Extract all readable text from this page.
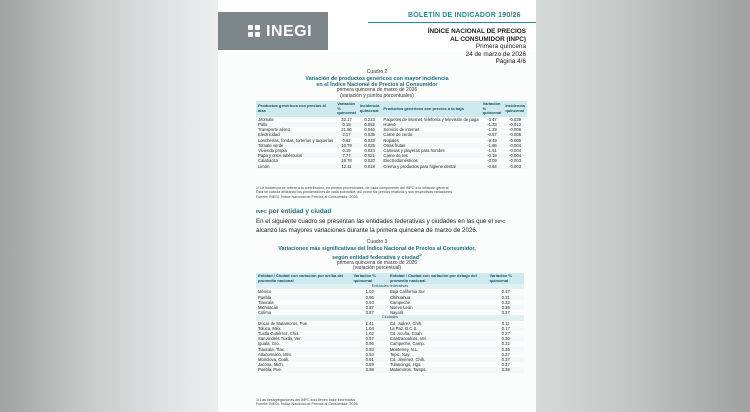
INEGI
BOLETÍN DE INDICADOR 190/26
ÍNDICE NACIONAL DE PRECIOS
AL CONSUMIDOR (INPC)
Primera quincena
24 de marzo de 2026
Página 4/6
Cuadro 2
Variación de productos genéricos con mayor incidencia
en el Índice Nacional de Precios al Consumidor
primera quincena de marzo de 2026
(variación y puntos porcentuales)
Productos genéricos con precios al alza	Variación % quincenal	Incidencia quincenal	Productos genéricos con precios a la baja	Variación % quincenal	Incidencia quincenal
Jitomate	32.17	0.223	Paquetes de internet, telefonía y televisión de paga	-3.47	-0.039
Pollo	0.18	0.052	Huevo	-1.33	-0.012
Transporte aéreo	21.86	0.046	Servicio de internet	-1.29	-0.006
Electricidad	2.17	0.035	Carne de cerdo	-0.57	-0.005
Loncherías, fondas, torterías y taquerías	0.62	0.033	Nopales	-9.49	-0.005
Tomate verde	10.79	0.025	Otras frutas	-1.86	-0.004
Vivienda propia	0.19	0.024	Camisas y playeras para hombre	-1.51	-0.004
Papa y otros tubérculos	7.77	0.021	Carne de res	-0.19	-0.004
Calabacita	16.78	0.020	Electrodomésticos	-0.09	-0.003
Limón	12.11	0.018	Crema y productos para higiene dental	-0.64	-0.003
1/ La incidencia se refiere a la contribución, en puntos porcentuales, de cada componente del INPC a la inflación general.
Ésta se calcula utilizando los ponderadores de cada subíndice, así como los precios relativos y sus respectivas variaciones.
Fuente: INEGI. Índice Nacional de Precios al Consumidor, 2026.
INPC por entidad y ciudad
En el siguiente cuadro se presentan las entidades federativas y ciudades en las que el INPC alcanzó las mayores variaciones durante la primera quincena de marzo de 2026.
Cuadro 3
Variaciones más significativas del Índice Nacional de Precios al Consumidor,
según entidad federativa y ciudad$^{1/}$
primera quincena de marzo de 2026
(variación porcentual)
Entidad / Ciudad con variación por arriba del promedio nacional	Variación % quincenal	Entidad / Ciudad con variación por debajo del promedio nacional	Variación % quincenal
Entidades federativas			
México	1.02	Baja California Sur	0.17
Puebla	0.96	Chihuahua	0.31
Tlaxcala	0.93	Campeche	0.32
Michoacán	0.87	Nuevo León	0.36
Colima	0.87	Nayarit	0.37
Ciudades			
Izúcar de Matamoros, Pue.	1.41	Cd. Juárez, Chih.	0.11
Toluca, Méx.	1.04	La Paz, B.C.S.	0.17
Tuxtla Gutiérrez, Chis.	1.02	Cd. Acuña, Coah.	0.27
San Andrés Tuxtla, Ver.	0.97	Coatzacoalcos, Ver.	0.30
Iguala, Gro.	0.96	Campeche, Camp.	0.32
Tlaxcala, Tlax.	0.93	Monterrey, N.L.	0.36
Atlacomulco, Méx.	0.93	Tepic, Nay.	0.37
Monclova, Coah.	0.91	Cd. Jiménez, Chih.	0.37
Jacona, Mich.	0.89	Tulancingo, Hgo.	0.37
Puebla, Pue.	0.88	Matamoros, Tamps.	0.38
1/ Las desagregaciones del INPC solo tienen valor informativo.
Fuente: INEGI. Índice Nacional de Precios al Consumidor, 2026.
